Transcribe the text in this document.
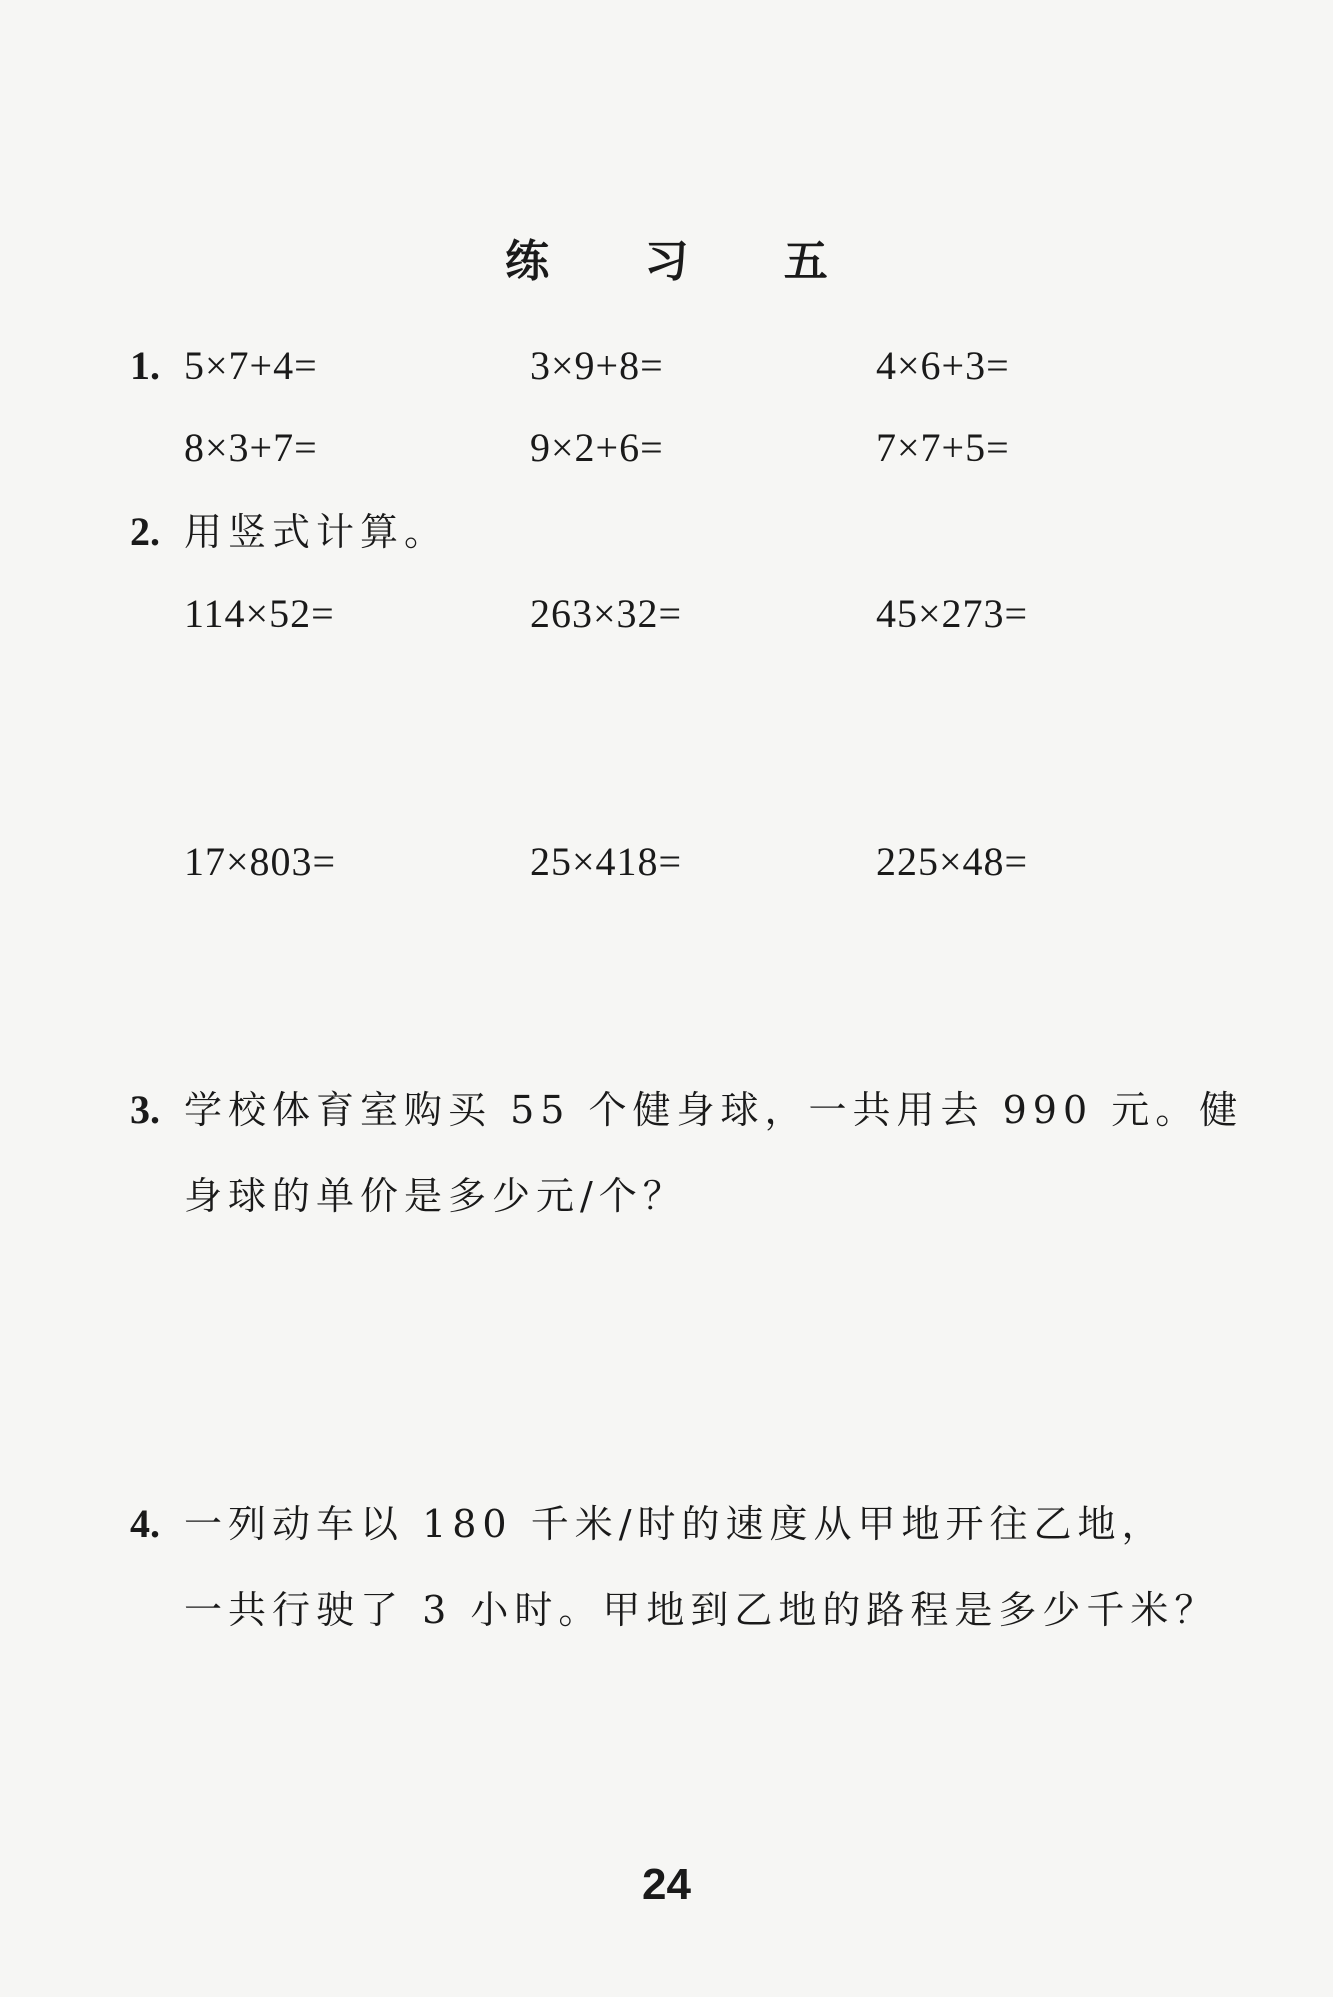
练 习 五
1. 5×7+4=	3×9+8=	4×6+3=
8×3+7=	9×2+6=	7×7+5=
2. 用竖式计算。
114×52=	263×32=	45×273=
17×803=	25×418=	225×48=
3. 学校体育室购买 55 个健身球，一共用去 990 元。健
身球的单价是多少元/个？
4. 一列动车以 180 千米/时的速度从甲地开往乙地，
一共行驶了 3 小时。甲地到乙地的路程是多少千米？
24
